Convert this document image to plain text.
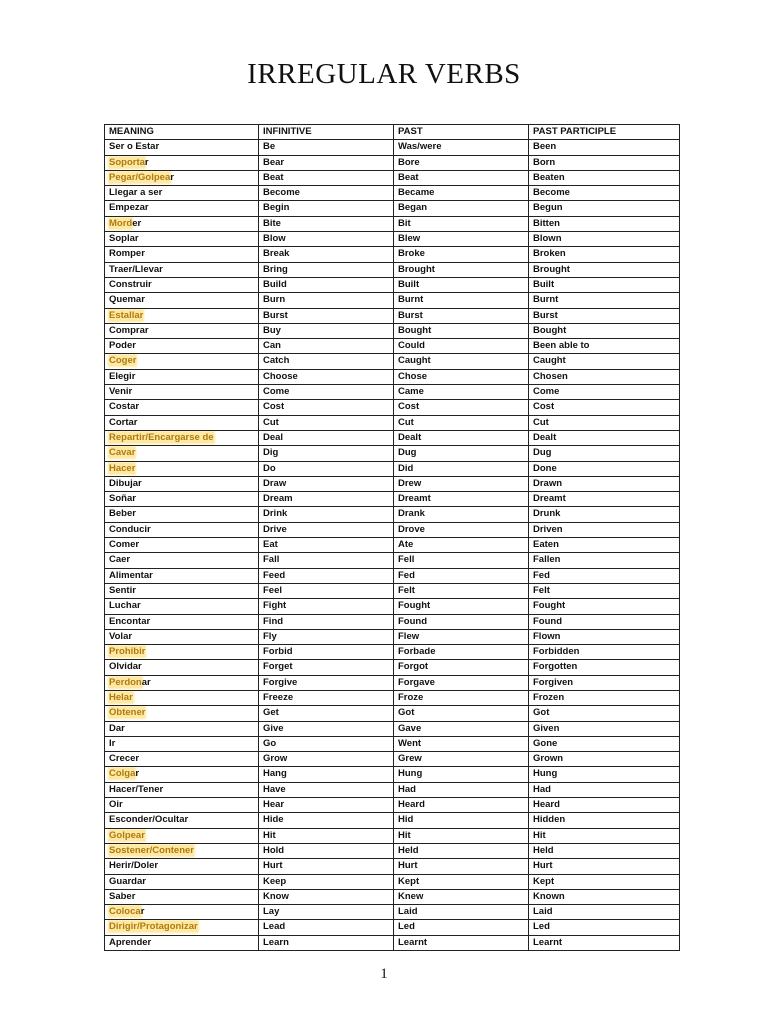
IRREGULAR VERBS
MEANING	INFINITIVE	PAST	PAST PARTICIPLE
Ser o Estar	Be	Was/were	Been
Soportar	Bear	Bore	Born
Pegar/Golpear	Beat	Beat	Beaten
Llegar a ser	Become	Became	Become
Empezar	Begin	Began	Begun
Morder	Bite	Bit	Bitten
Soplar	Blow	Blew	Blown
Romper	Break	Broke	Broken
Traer/Llevar	Bring	Brought	Brought
Construir	Build	Built	Built
Quemar	Burn	Burnt	Burnt
Estallar	Burst	Burst	Burst
Comprar	Buy	Bought	Bought
Poder	Can	Could	Been able to
Coger	Catch	Caught	Caught
Elegir	Choose	Chose	Chosen
Venir	Come	Came	Come
Costar	Cost	Cost	Cost
Cortar	Cut	Cut	Cut
Repartir/Encargarse de	Deal	Dealt	Dealt
Cavar	Dig	Dug	Dug
Hacer	Do	Did	Done
Dibujar	Draw	Drew	Drawn
Soñar	Dream	Dreamt	Dreamt
Beber	Drink	Drank	Drunk
Conducir	Drive	Drove	Driven
Comer	Eat	Ate	Eaten
Caer	Fall	Fell	Fallen
Alimentar	Feed	Fed	Fed
Sentir	Feel	Felt	Felt
Luchar	Fight	Fought	Fought
Encontar	Find	Found	Found
Volar	Fly	Flew	Flown
Prohibir	Forbid	Forbade	Forbidden
Olvidar	Forget	Forgot	Forgotten
Perdonar	Forgive	Forgave	Forgiven
Helar	Freeze	Froze	Frozen
Obtener	Get	Got	Got
Dar	Give	Gave	Given
Ir	Go	Went	Gone
Crecer	Grow	Grew	Grown
Colgar	Hang	Hung	Hung
Hacer/Tener	Have	Had	Had
Oir	Hear	Heard	Heard
Esconder/Ocultar	Hide	Hid	Hidden
Golpear	Hit	Hit	Hit
Sostener/Contener	Hold	Held	Held
Herir/Doler	Hurt	Hurt	Hurt
Guardar	Keep	Kept	Kept
Saber	Know	Knew	Known
Colocar	Lay	Laid	Laid
Dirigir/Protagonizar	Lead	Led	Led
Aprender	Learn	Learnt	Learnt
1
